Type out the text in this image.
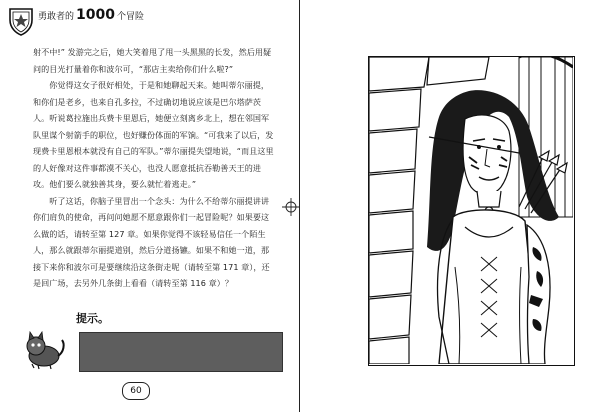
勇敢者的 1000 个冒险

射不中!” 发游完之后，她大笑着甩了甩一头黑黑的长发，然后用疑问的目光打量着你和波尔可，“那店主卖给你们什么啦?”

你觉得这女子很好相处，于是和她聊起天来。她叫蒂尔丽提，和你们是老乡，也来自孔多拉，不过确切地说应该是巴尔塔萨茨人。听说葛拉施出兵费卡里恩后，她便立刻离乡北上，想在邻国军队里谋个射箭手的职位，也好赚份体面的军饷。“可我来了以后，发现费卡里恩根本就没有自己的军队。”蒂尔丽提失望地说，“而且这里的人好像对这件事都漠不关心，也没人愿意抵抗吞勒善天王的进攻。他们要么就独善其身，要么就忙着逃走。”

听了这话，你脑子里冒出一个念头：为什么不给蒂尔丽提讲讲你们肩负的使命，再问问她愿不愿意跟你们一起冒险呢？如果要这么做的话，请转至第 127 章。如果你觉得不该轻易信任一个陌生人，那么就跟蒂尔丽提道别，然后分道扬镳。如果不和她一道，那接下来你和波尔可是要继续沿这条街走呢（请转至第 171 章），还是回广场，去另外几条街上看看（请转至第 116 章）？

提示。
60
